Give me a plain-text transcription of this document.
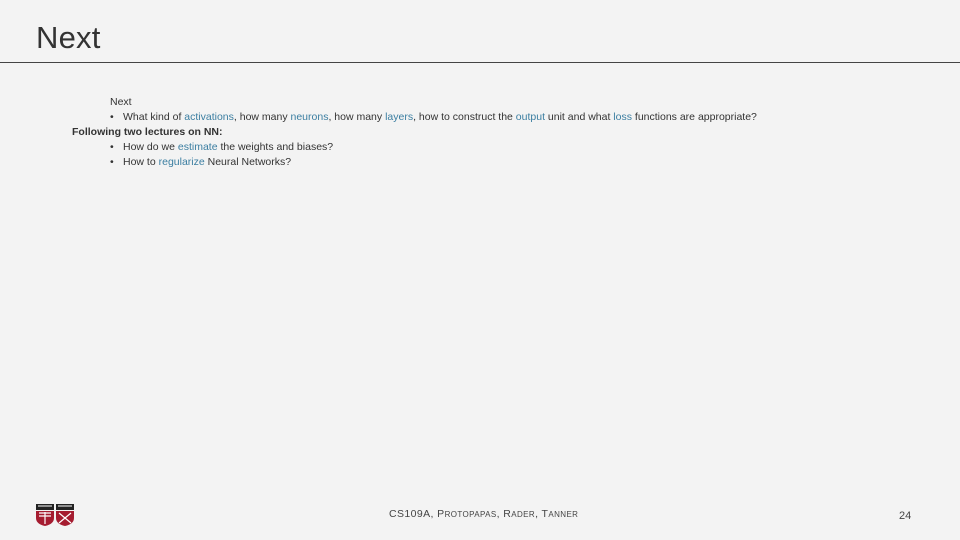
Next
Next
• What kind of activations, how many neurons, how many layers, how to construct the output unit and what loss functions are appropriate?
Following two lectures on NN:
• How do we estimate the weights and biases?
• How to regularize Neural Networks?
CS109A, PROTOPAPAS, RADER, TANNER	24
